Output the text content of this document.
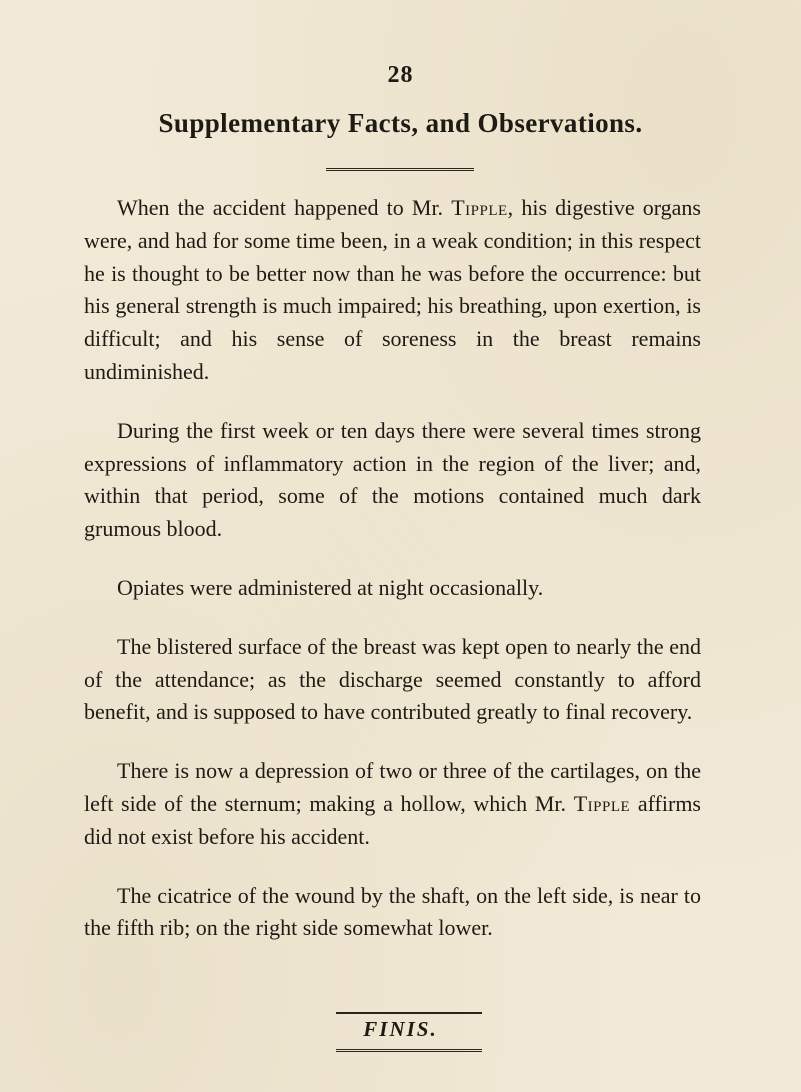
28
Supplementary Facts, and Observations.

When the accident happened to Mr. Tipple, his digestive organs were, and had for some time been, in a weak condition; in this respect he is thought to be better now than he was before the occurrence: but his general strength is much impaired; his breathing, upon exertion, is difficult; and his sense of soreness in the breast remains undiminished.

During the first week or ten days there were several times strong expressions of inflammatory action in the region of the liver; and, within that period, some of the motions contained much dark grumous blood.

Opiates were administered at night occasionally.

The blistered surface of the breast was kept open to nearly the end of the attendance; as the discharge seemed constantly to afford benefit, and is supposed to have contributed greatly to final recovery.

There is now a depression of two or three of the cartilages, on the left side of the sternum; making a hollow, which Mr. Tipple affirms did not exist before his accident.

The cicatrice of the wound by the shaft, on the left side, is near to the fifth rib; on the right side somewhat lower.

FINIS.
